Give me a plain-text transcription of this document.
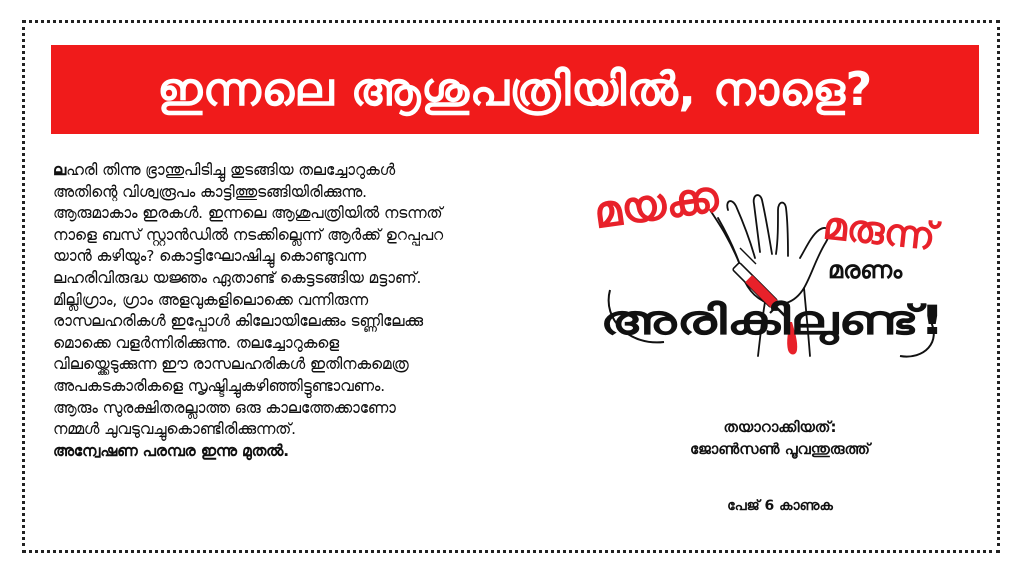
ഇന്നലെ ആശുപത്രിയിൽ, നാളെ?
ലഹരി തിന്നു ഭ്രാന്തുപിടിച്ചു തുടങ്ങിയ തലച്ചോറുകൾ
അതിന്റെ വിശ്വരൂപം കാട്ടിത്തുടങ്ങിയിരിക്കുന്നു.
ആരുമാകാം ഇരകൾ. ഇന്നലെ ആശുപത്രിയിൽ നടന്നത്
നാളെ ബസ് സ്റ്റാൻഡിൽ നടക്കില്ലെന്ന് ആർക്ക് ഉറപ്പുപറ
യാൻ കഴിയും? കൊട്ടിഘോഷിച്ചു കൊണ്ടുവന്ന
ലഹരിവിരുദ്ധ യജ്ഞം ഏതാണ്ട് കെട്ടടങ്ങിയ മട്ടാണ്.
മില്ലിഗ്രാം, ഗ്രാം അളവുകളിലൊക്കെ വന്നിരുന്ന
രാസലഹരികൾ ഇപ്പോൾ കിലോയിലേക്കും ടണ്ണിലേക്കു
മൊക്കെ വളർന്നിരിക്കുന്നു. തലച്ചോറുകളെ
വിലയ്ക്കെടുക്കുന്ന ഈ രാസലഹരികൾ ഇതിനകമെത്ര
അപകടകാരികളെ സൃഷ്ടിച്ചുകഴിഞ്ഞിട്ടുണ്ടാവണം.
ആരും സുരക്ഷിതരല്ലാത്ത ഒരു കാലത്തേക്കാണോ
നമ്മൾ ചുവടുവച്ചുകൊണ്ടിരിക്കുന്നത്.
അന്വേഷണ പരമ്പര ഇന്നു മുതൽ.
മയക്ക	മരുന്ന്
മരണം
അരികിലുണ്ട്!
തയാറാക്കിയത്:
ജോൺസൺ പൂവന്തുരുത്ത്
പേജ് 6 കാണുക
